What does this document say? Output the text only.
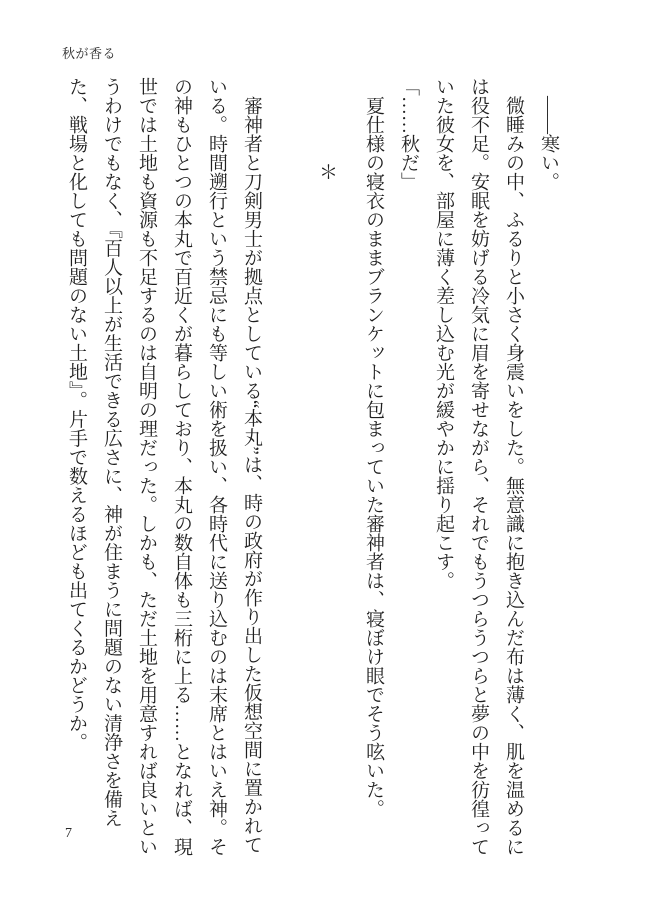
秋が香る

　――寒い。

　微睡みの中、ふるりと小さく身震いをした。無意識に抱き込んだ布は薄く、肌を温めるには役不足。安眠を妨げる冷気に眉を寄せながら、それでもうつらうつらと夢の中を彷徨っていた彼女を、部屋に薄く差し込む光が緩やかに揺り起こす。

「……秋だ」

　夏仕様の寝衣のままブランケットに包まっていた審神者は、寝ぼけ眼でそう呟いた。

＊

　審神者と刀剣男士が拠点としている“本丸”は、時の政府が作り出した仮想空間に置かれている。時間遡行という禁忌にも等しい術を扱い、各時代に送り込むのは末席とはいえ神。その神もひとつの本丸で百近くが暮らしており、本丸の数自体も三桁に上る……となれば、現世では土地も資源も不足するのは自明の理だった。しかも、ただ土地を用意すれば良いというわけでもなく、『百人以上が生活できる広さに、神が住まうに問題のない清浄さを備えた、戦場と化しても問題のない土地』。片手で数えるほども出てくるかどうか。

7
